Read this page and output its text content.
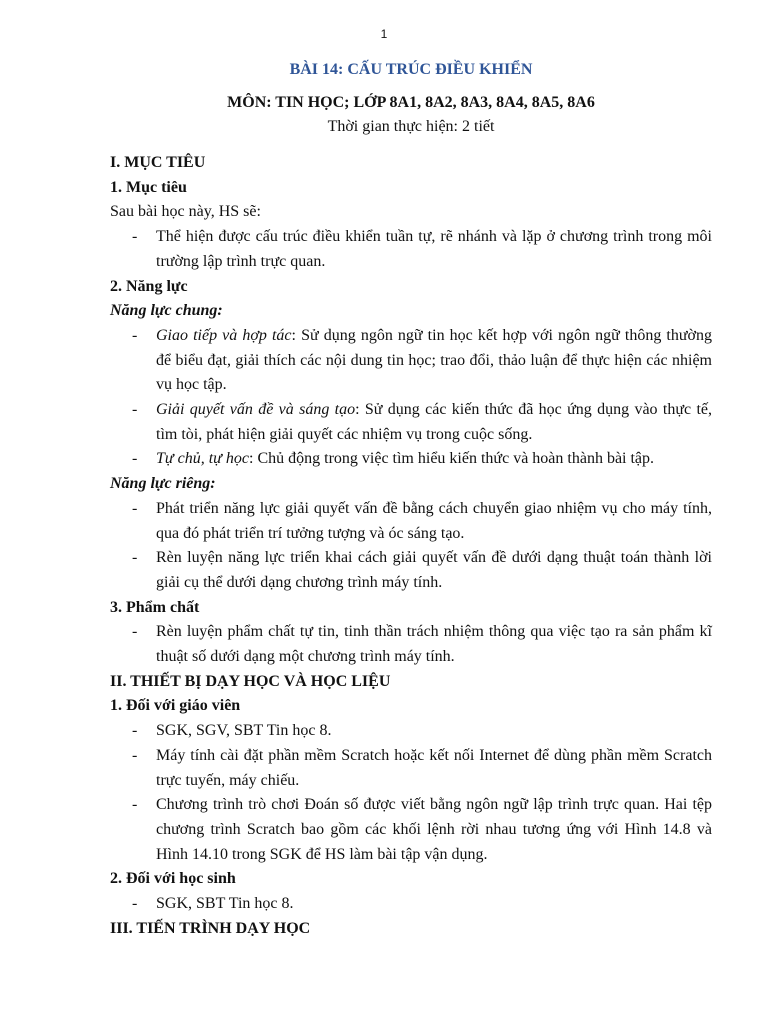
1

BÀI 14: CẤU TRÚC ĐIỀU KHIỂN

MÔN: TIN HỌC; LỚP 8A1, 8A2, 8A3, 8A4, 8A5, 8A6

Thời gian thực hiện: 2 tiết

I. MỤC TIÊU

1. Mục tiêu

Sau bài học này, HS sẽ:

- Thể hiện được cấu trúc điều khiển tuần tự, rẽ nhánh và lặp ở chương trình trong môi trường lập trình trực quan.

2. Năng lực

Năng lực chung:

- Giao tiếp và hợp tác: Sử dụng ngôn ngữ tin học kết hợp với ngôn ngữ thông thường để biểu đạt, giải thích các nội dung tin học; trao đổi, thảo luận để thực hiện các nhiệm vụ học tập.
- Giải quyết vấn đề và sáng tạo: Sử dụng các kiến thức đã học ứng dụng vào thực tế, tìm tòi, phát hiện giải quyết các nhiệm vụ trong cuộc sống.
- Tự chủ, tự học: Chủ động trong việc tìm hiểu kiến thức và hoàn thành bài tập.

Năng lực riêng:

- Phát triển năng lực giải quyết vấn đề bằng cách chuyển giao nhiệm vụ cho máy tính, qua đó phát triển trí tưởng tượng và óc sáng tạo.
- Rèn luyện năng lực triển khai cách giải quyết vấn đề dưới dạng thuật toán thành lời giải cụ thể dưới dạng chương trình máy tính.

3. Phẩm chất

- Rèn luyện phẩm chất tự tin, tinh thần trách nhiệm thông qua việc tạo ra sản phẩm kĩ thuật số dưới dạng một chương trình máy tính.

II. THIẾT BỊ DẠY HỌC VÀ HỌC LIỆU

1. Đối với giáo viên

- SGK, SGV, SBT Tin học 8.
- Máy tính cài đặt phần mềm Scratch hoặc kết nối Internet để dùng phần mềm Scratch trực tuyến, máy chiếu.
- Chương trình trò chơi Đoán số được viết bằng ngôn ngữ lập trình trực quan. Hai tệp chương trình Scratch bao gồm các khối lệnh rời nhau tương ứng với Hình 14.8 và Hình 14.10 trong SGK để HS làm bài tập vận dụng.

2. Đối với học sinh

- SGK, SBT Tin học 8.

III. TIẾN TRÌNH DẠY HỌC
